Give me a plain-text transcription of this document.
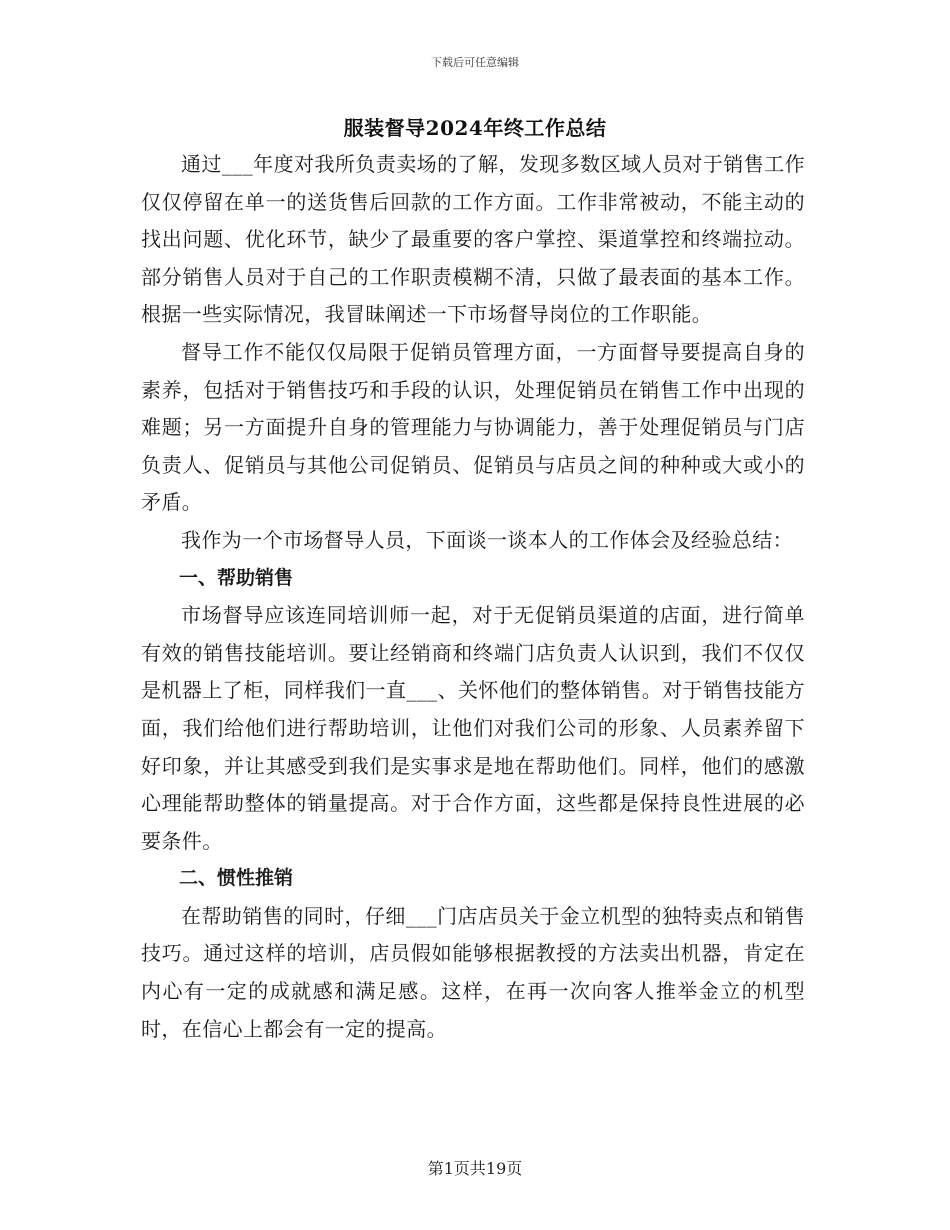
下载后可任意编辑
服装督导2024年终工作总结

通过___年度对我所负责卖场的了解，发现多数区域人员对于销售工作仅仅停留在单一的送货售后回款的工作方面。工作非常被动，不能主动的找出问题、优化环节，缺少了最重要的客户掌控、渠道掌控和终端拉动。部分销售人员对于自己的工作职责模糊不清，只做了最表面的基本工作。根据一些实际情况，我冒昧阐述一下市场督导岗位的工作职能。

督导工作不能仅仅局限于促销员管理方面，一方面督导要提高自身的素养，包括对于销售技巧和手段的认识，处理促销员在销售工作中出现的难题；另一方面提升自身的管理能力与协调能力，善于处理促销员与门店负责人、促销员与其他公司促销员、促销员与店员之间的种种或大或小的矛盾。

我作为一个市场督导人员，下面谈一谈本人的工作体会及经验总结：

一、帮助销售

市场督导应该连同培训师一起，对于无促销员渠道的店面，进行简单有效的销售技能培训。要让经销商和终端门店负责人认识到，我们不仅仅是机器上了柜，同样我们一直___、关怀他们的整体销售。对于销售技能方面，我们给他们进行帮助培训，让他们对我们公司的形象、人员素养留下好印象，并让其感受到我们是实事求是地在帮助他们。同样，他们的感激心理能帮助整体的销量提高。对于合作方面，这些都是保持良性进展的必要条件。

二、惯性推销

在帮助销售的同时，仔细___门店店员关于金立机型的独特卖点和销售技巧。通过这样的培训，店员假如能够根据教授的方法卖出机器，肯定在内心有一定的成就感和满足感。这样，在再一次向客人推举金立的机型时，在信心上都会有一定的提高。

第1页共19页
